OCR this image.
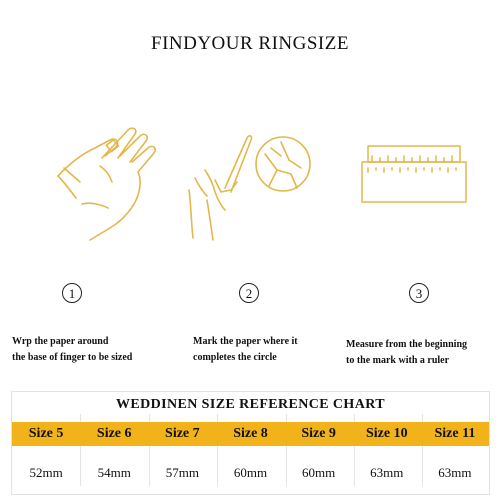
FINDYOUR RINGSIZE
1	2	3
Wrp the paper around
the base of finger to be sized
Mark the paper where it
completes the circle
Measure from the beginning
to the mark with a ruler
WEDDINEN SIZE REFERENCE CHART
Size 5	Size 6	Size 7	Size 8	Size 9	Size 10	Size 11
52mm	54mm	57mm	60mm	60mm	63mm	63mm
